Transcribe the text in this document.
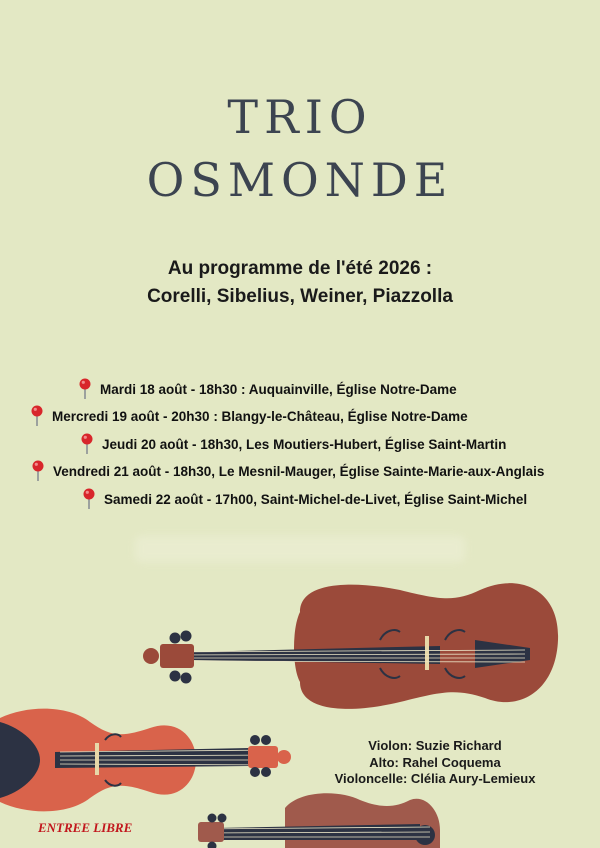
TRIO
OSMONDE
Au programme de l'été 2026 :
Corelli, Sibelius, Weiner, Piazzolla
Mardi 18 août - 18h30 : Auquainville, Église Notre-Dame
Mercredi 19 août - 20h30 : Blangy-le-Château, Église Notre-Dame
Jeudi 20 août - 18h30, Les Moutiers-Hubert, Église Saint-Martin
Vendredi 21 août - 18h30, Le Mesnil-Mauger, Église Sainte-Marie-aux-Anglais
Samedi 22 août - 17h00, Saint-Michel-de-Livet, Église Saint-Michel
Violon: Suzie Richard
Alto: Rahel Coquema
Violoncelle: Clélia Aury-Lemieux
ENTREE LIBRE
